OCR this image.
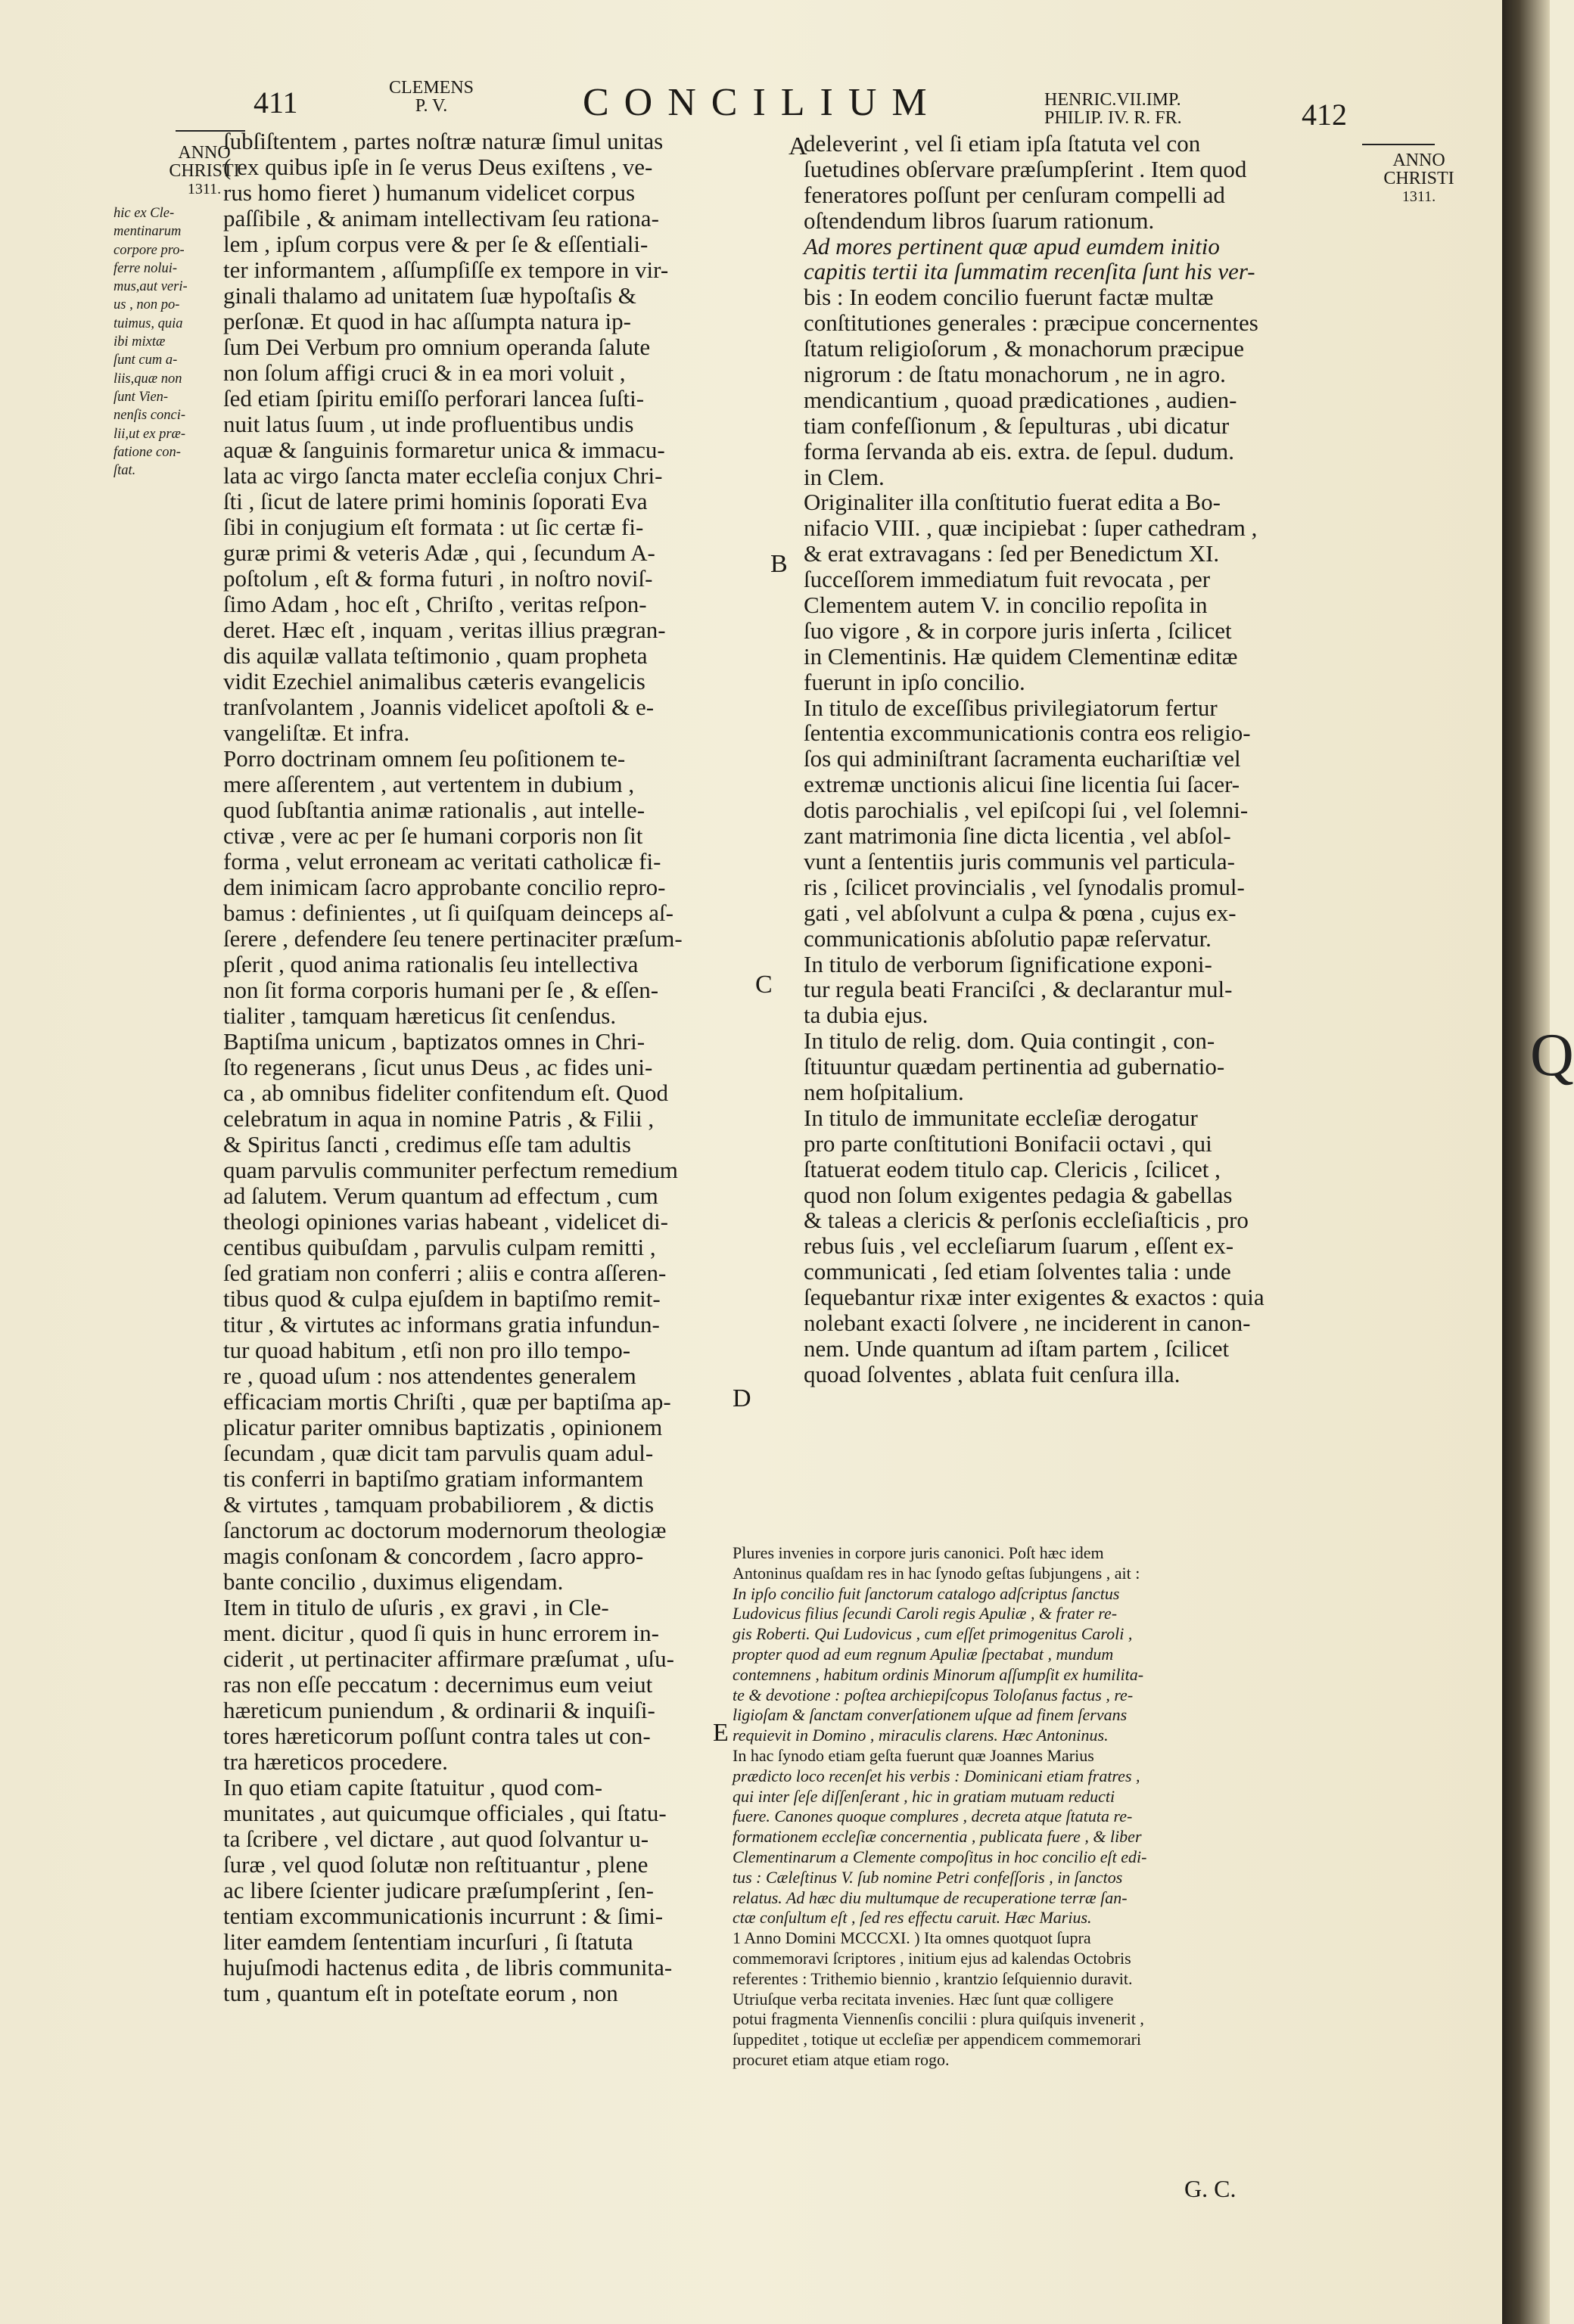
411	CLEMENS
P. V.	CONCILIUM	HENRIC.VII.IMP.
PHILIP. IV. R. FR.	412
ANNO
CHRISTI
1311.
ANNO
CHRISTI
1311.
hic ex Cle-
mentinarum
corpore pro-
ferre nolui-
mus,aut veri-
us , non po-
tuimus, quia
ibi mixtæ
ſunt cum a-
liis,quæ non
ſunt Vien-
nenſis conci-
lii,ut ex præ-
fatione con-
ſtat.
A
B
C
D
E
ſubſiſtentem , partes noſtræ naturæ ſimul unitas
( ex quibus ipſe in ſe verus Deus exiſtens , ve-
rus homo fieret ) humanum videlicet corpus
paſſibile , & animam intellectivam ſeu rationa-
lem , ipſum corpus vere & per ſe & eſſentiali-
ter informantem , aſſumpſiſſe ex tempore in vir-
ginali thalamo ad unitatem ſuæ hypoſtaſis &
perſonæ. Et quod in hac aſſumpta natura ip-
ſum Dei Verbum pro omnium operanda ſalute
non ſolum affigi cruci & in ea mori voluit ,
ſed etiam ſpiritu emiſſo perforari lancea ſuſti-
nuit latus ſuum , ut inde profluentibus undis
aquæ & ſanguinis formaretur unica & immacu-
lata ac virgo ſancta mater eccleſia conjux Chri-
ſti , ſicut de latere primi hominis ſoporati Eva
ſibi in conjugium eſt formata : ut ſic certæ fi-
guræ primi & veteris Adæ , qui , ſecundum A-
poſtolum , eſt & forma futuri , in noſtro noviſ-
ſimo Adam , hoc eſt , Chriſto , veritas reſpon-
deret. Hæc eſt , inquam , veritas illius prægran-
dis aquilæ vallata teſtimonio , quam propheta
vidit Ezechiel animalibus cæteris evangelicis
tranſvolantem , Joannis videlicet apoſtoli & e-
vangeliſtæ. Et infra.
Porro doctrinam omnem ſeu poſitionem te-
mere aſſerentem , aut vertentem in dubium ,
quod ſubſtantia animæ rationalis , aut intelle-
ctivæ , vere ac per ſe humani corporis non ſit
forma , velut erroneam ac veritati catholicæ fi-
dem inimicam ſacro approbante concilio repro-
bamus : definientes , ut ſi quiſquam deinceps aſ-
ſerere , defendere ſeu tenere pertinaciter præſum-
pſerit , quod anima rationalis ſeu intellectiva
non ſit forma corporis humani per ſe , & eſſen-
tialiter , tamquam hæreticus ſit cenſendus.
Baptiſma unicum , baptizatos omnes in Chri-
ſto regenerans , ſicut unus Deus , ac fides uni-
ca , ab omnibus fideliter confitendum eſt. Quod
celebratum in aqua in nomine Patris , & Filii ,
& Spiritus ſancti , credimus eſſe tam adultis
quam parvulis communiter perfectum remedium
ad ſalutem. Verum quantum ad effectum , cum
theologi opiniones varias habeant , videlicet di-
centibus quibuſdam , parvulis culpam remitti ,
ſed gratiam non conferri ; aliis e contra aſſeren-
tibus quod & culpa ejuſdem in baptiſmo remit-
titur , & virtutes ac informans gratia infundun-
tur quoad habitum , etſi non pro illo tempo-
re , quoad uſum : nos attendentes generalem
efficaciam mortis Chriſti , quæ per baptiſma ap-
plicatur pariter omnibus baptizatis , opinionem
ſecundam , quæ dicit tam parvulis quam adul-
tis conferri in baptiſmo gratiam informantem
& virtutes , tamquam probabiliorem , & dictis
ſanctorum ac doctorum modernorum theologiæ
magis conſonam & concordem , ſacro appro-
bante concilio , duximus eligendam.
Item in titulo de uſuris , ex gravi , in Cle-
ment. dicitur , quod ſi quis in hunc errorem in-
ciderit , ut pertinaciter affirmare præſumat , uſu-
ras non eſſe peccatum : decernimus eum veiut
hæreticum puniendum , & ordinarii & inquiſi-
tores hæreticorum poſſunt contra tales ut con-
tra hæreticos procedere.
In quo etiam capite ſtatuitur , quod com-
munitates , aut quicumque officiales , qui ſtatu-
ta ſcribere , vel dictare , aut quod ſolvantur u-
ſuræ , vel quod ſolutæ non reſtituantur , plene
ac libere ſcienter judicare præſumpſerint , ſen-
tentiam excommunicationis incurrunt : & ſimi-
liter eamdem ſententiam incurſuri , ſi ſtatuta
hujuſmodi hactenus edita , de libris communita-
tum , quantum eſt in poteſtate eorum , non
deleverint , vel ſi etiam ipſa ſtatuta vel con
ſuetudines obſervare præſumpſerint . Item quod
feneratores poſſunt per cenſuram compelli ad
oſtendendum libros ſuarum rationum.
Ad mores pertinent quæ apud eumdem initio
capitis tertii ita ſummatim recenſita ſunt his ver-
bis : In eodem concilio fuerunt factæ multæ
conſtitutiones generales : præcipue concernentes
ſtatum religioſorum , & monachorum præcipue
nigrorum : de ſtatu monachorum , ne in agro.
mendicantium , quoad prædicationes , audien-
tiam confeſſionum , & ſepulturas , ubi dicatur
forma ſervanda ab eis. extra. de ſepul. dudum.
in Clem.
Originaliter illa conſtitutio fuerat edita a Bo-
nifacio VIII. , quæ incipiebat : ſuper cathedram ,
& erat extravagans : ſed per Benedictum XI.
ſucceſſorem immediatum fuit revocata , per
Clementem autem V. in concilio repoſita in
ſuo vigore , & in corpore juris inſerta , ſcilicet
in Clementinis. Hæ quidem Clementinæ editæ
fuerunt in ipſo concilio.
In titulo de exceſſibus privilegiatorum fertur
ſententia excommunicationis contra eos religio-
ſos qui adminiſtrant ſacramenta euchariſtiæ vel
extremæ unctionis alicui ſine licentia ſui ſacer-
dotis parochialis , vel epiſcopi ſui , vel ſolemni-
zant matrimonia ſine dicta licentia , vel abſol-
vunt a ſententiis juris communis vel particula-
ris , ſcilicet provincialis , vel ſynodalis promul-
gati , vel abſolvunt a culpa & pœna , cujus ex-
communicationis abſolutio papæ reſervatur.
In titulo de verborum ſignificatione exponi-
tur regula beati Franciſci , & declarantur mul-
ta dubia ejus.
In titulo de relig. dom. Quia contingit , con-
ſtituuntur quædam pertinentia ad gubernatio-
nem hoſpitalium.
In titulo de immunitate eccleſiæ derogatur
pro parte conſtitutioni Bonifacii octavi , qui
ſtatuerat eodem titulo cap. Clericis , ſcilicet ,
quod non ſolum exigentes pedagia & gabellas
& taleas a clericis & perſonis eccleſiaſticis , pro
rebus ſuis , vel eccleſiarum ſuarum , eſſent ex-
communicati , ſed etiam ſolventes talia : unde
ſequebantur rixæ inter exigentes & exactos : quia
nolebant exacti ſolvere , ne inciderent in canon-
nem. Unde quantum ad iſtam partem , ſcilicet
quoad ſolventes , ablata fuit cenſura illa.
Plures invenies in corpore juris canonici. Poſt hæc idem
Antoninus quaſdam res in hac ſynodo geſtas ſubjungens , ait :
In ipſo concilio fuit ſanctorum catalogo adſcriptus ſanctus
Ludovicus filius ſecundi Caroli regis Apuliæ , & frater re-
gis Roberti. Qui Ludovicus , cum eſſet primogenitus Caroli ,
propter quod ad eum regnum Apuliæ ſpectabat , mundum
contemnens , habitum ordinis Minorum aſſumpſit ex humilita-
te & devotione : poſtea archiepiſcopus Toloſanus factus , re-
ligioſam & ſanctam converſationem uſque ad finem ſervans
requievit in Domino , miraculis clarens. Hæc Antoninus.
In hac ſynodo etiam geſta fuerunt quæ Joannes Marius
prædicto loco recenſet his verbis : Dominicani etiam fratres ,
qui inter ſeſe diſſenſerant , hic in gratiam mutuam reducti
fuere. Canones quoque complures , decreta atque ſtatuta re-
formationem eccleſiæ concernentia , publicata fuere , & liber
Clementinarum a Clemente compoſitus in hoc concilio eſt edi-
tus : Cæleſtinus V. ſub nomine Petri confeſſoris , in ſanctos
relatus. Ad hæc diu multumque de recuperatione terræ ſan-
ctæ conſultum eſt , ſed res effectu caruit. Hæc Marius.
1 Anno Domini MCCCXI. ) Ita omnes quotquot ſupra
commemoravi ſcriptores , initium ejus ad kalendas Octobris
referentes : Trithemio biennio , krantzio ſeſquiennio duravit.
Utriuſque verba recitata invenies. Hæc ſunt quæ colligere
potui fragmenta Viennenſis concilii : plura quiſquis invenerit ,
ſuppeditet , totique ut eccleſiæ per appendicem commemorari
procuret etiam atque etiam rogo.
G. C.
Q
